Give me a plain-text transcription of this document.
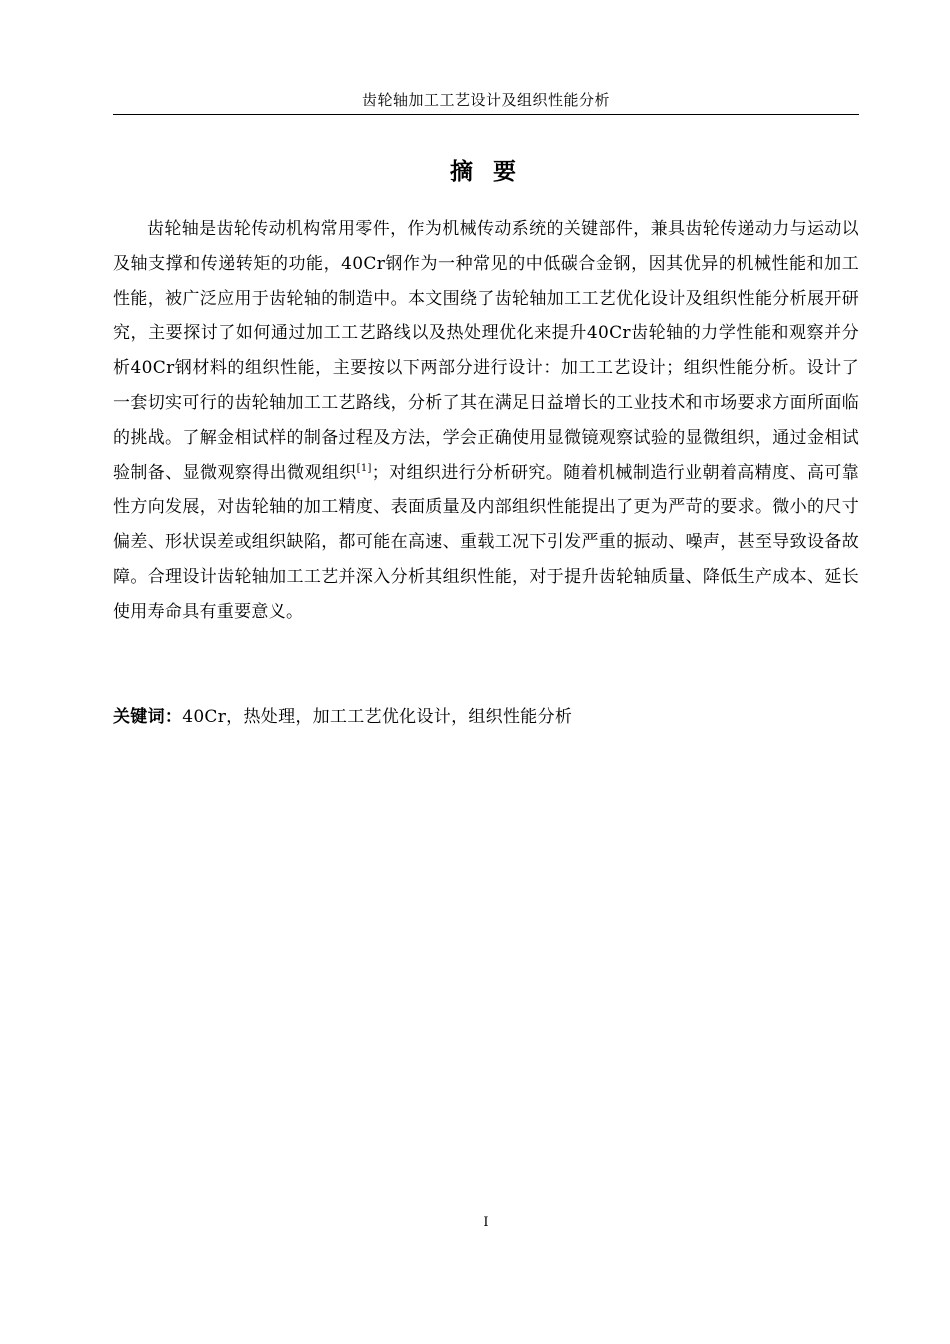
齿轮轴加工工艺设计及组织性能分析
摘 要

齿轮轴是齿轮传动机构常用零件，作为机械传动系统的关键部件，兼具齿轮传递动力与运动以及轴支撑和传递转矩的功能，40Cr钢作为一种常见的中低碳合金钢，因其优异的机械性能和加工性能，被广泛应用于齿轮轴的制造中。本文围绕了齿轮轴加工工艺优化设计及组织性能分析展开研究，主要探讨了如何通过加工工艺路线以及热处理优化来提升40Cr齿轮轴的力学性能和观察并分析40Cr钢材料的组织性能，主要按以下两部分进行设计：加工工艺设计；组织性能分析。设计了一套切实可行的齿轮轴加工工艺路线，分析了其在满足日益增长的工业技术和市场要求方面所面临的挑战。了解金相试样的制备过程及方法，学会正确使用显微镜观察试验的显微组织，通过金相试验制备、显微观察得出微观组织[1]；对组织进行分析研究。随着机械制造行业朝着高精度、高可靠性方向发展，对齿轮轴的加工精度、表面质量及内部组织性能提出了更为严苛的要求。微小的尺寸偏差、形状误差或组织缺陷，都可能在高速、重载工况下引发严重的振动、噪声，甚至导致设备故障。合理设计齿轮轴加工工艺并深入分析其组织性能，对于提升齿轮轴质量、降低生产成本、延长使用寿命具有重要意义。

关键词：40Cr，热处理，加工工艺优化设计，组织性能分析
I
